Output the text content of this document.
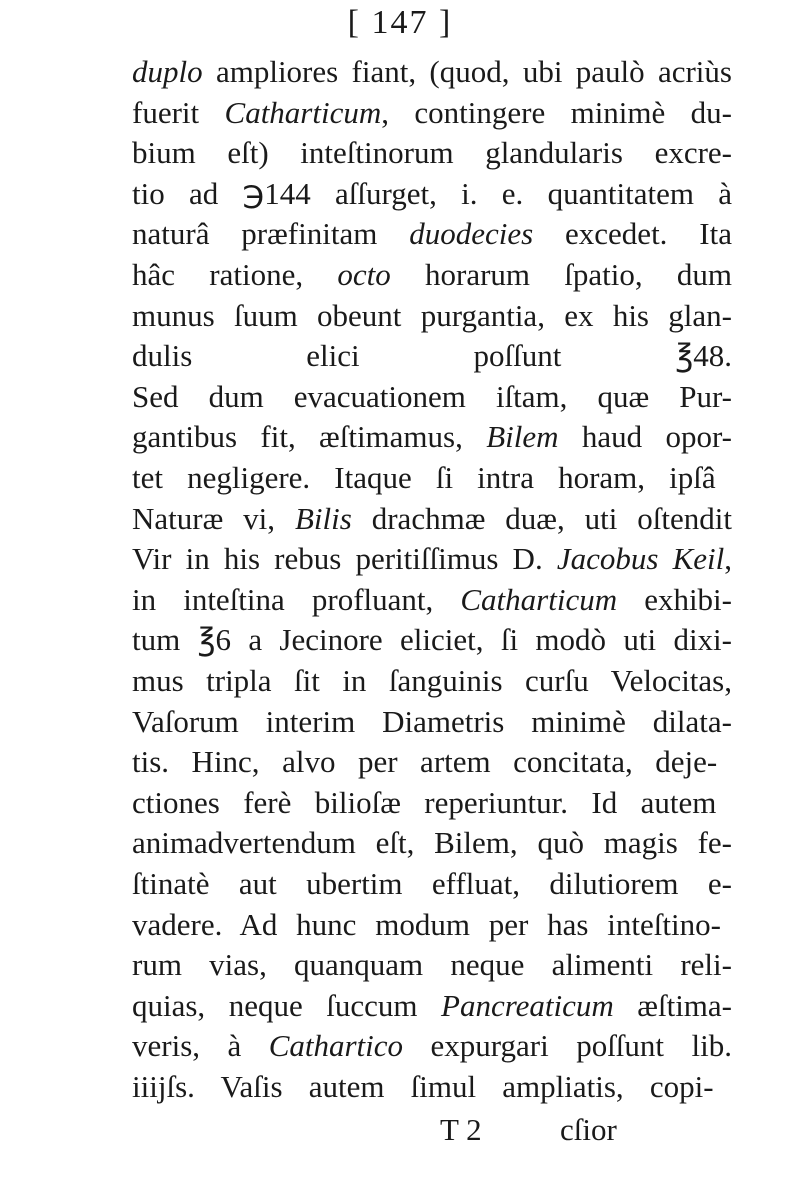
[ 147 ]
duplo ampliores fiant, (quod, ubi paulò acriùs
fuerit Catharticum, contingere minimè du-
bium eſt) inteſtinorum glandularis excre-
tio ad ℈144 aſſurget, i. e. quantitatem à
naturâ præfinitam duodecies excedet. Ita
hâc ratione, octo horarum ſpatio, dum
munus ſuum obeunt purgantia, ex his glan-
dulis elici poſſunt ℥48.
Sed dum evacuationem iſtam, quæ Pur-
gantibus fit, æſtimamus, Bilem haud opor-
tet negligere. Itaque ſi intra horam, ipſâ
Naturæ vi, Bilis drachmæ duæ, uti oſtendit
Vir in his rebus peritiſſimus D. Jacobus Keil,
in inteſtina profluant, Catharticum exhibi-
tum ℥6 a Jecinore eliciet, ſi modò uti dixi-
mus tripla ſit in ſanguinis curſu Velocitas,
Vaſorum interim Diametris minimè dilata-
tis. Hinc, alvo per artem concitata, deje-
ctiones ferè bilioſæ reperiuntur. Id autem
animadvertendum eſt, Bilem, quò magis fe-
ſtinatè aut ubertim effluat, dilutiorem e-
vadere. Ad hunc modum per has inteſtino-
rum vias, quanquam neque alimenti reli-
quias, neque ſuccum Pancreaticum æſtima-
veris, à Cathartico expurgari poſſunt lib.
iiijſs. Vaſis autem ſimul ampliatis, copi-
T 2	cſior
